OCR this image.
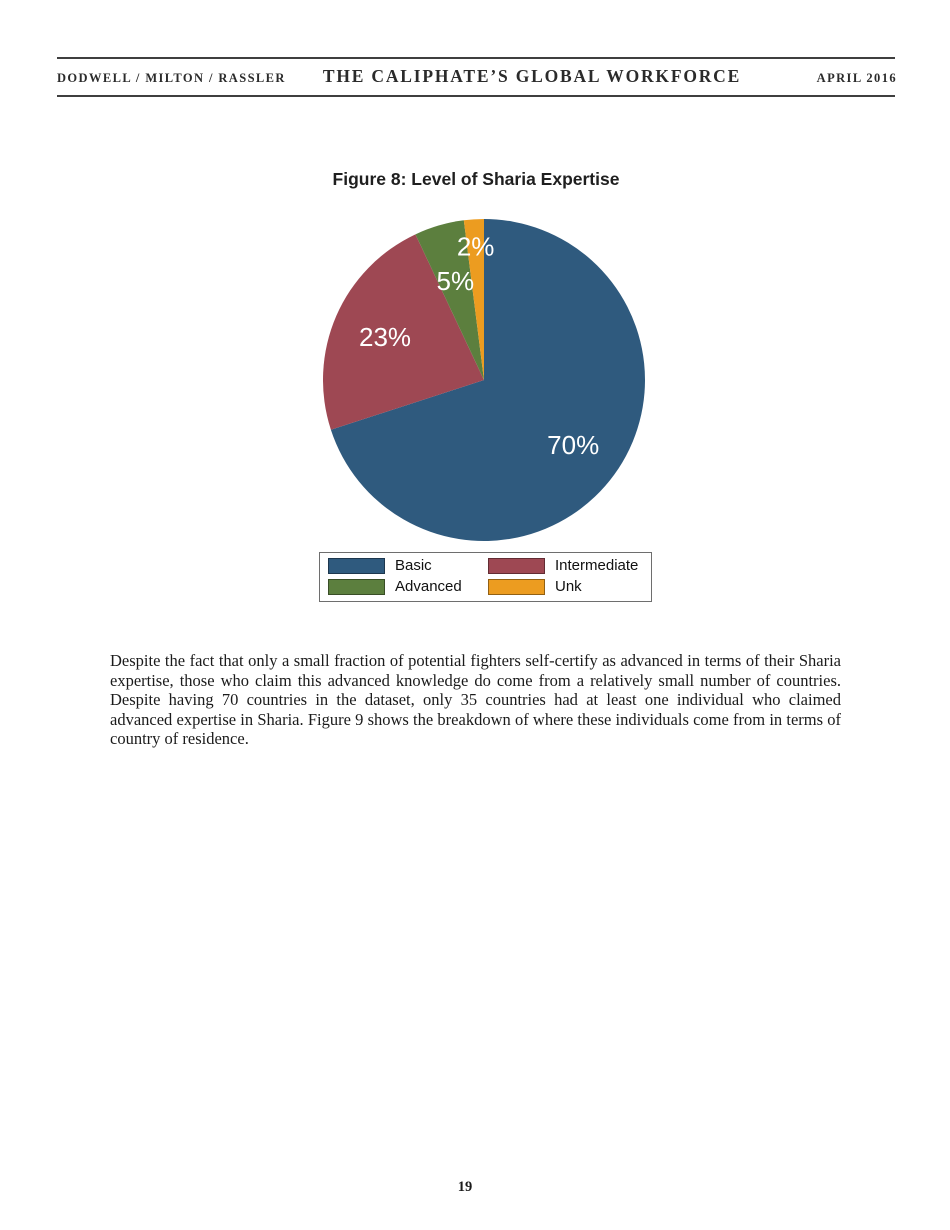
DODWELL / MILTON / RASSLER THE CALIPHATE’S GLOBAL WORKFORCE	APRIL 2016
Figure 8: Level of Sharia Expertise
70%
23%
5%
2%
Basic	Intermediate
Advanced	Unk
Despite the fact that only a small fraction of potential fighters self-certify as advanced in terms of their Sharia expertise, those who claim this advanced knowledge do come from a relatively small number of countries. Despite having 70 countries in the dataset, only 35 countries had at least one individual who claimed advanced expertise in Sharia. Figure 9 shows the breakdown of where these individuals come from in terms of country of residence.
19
